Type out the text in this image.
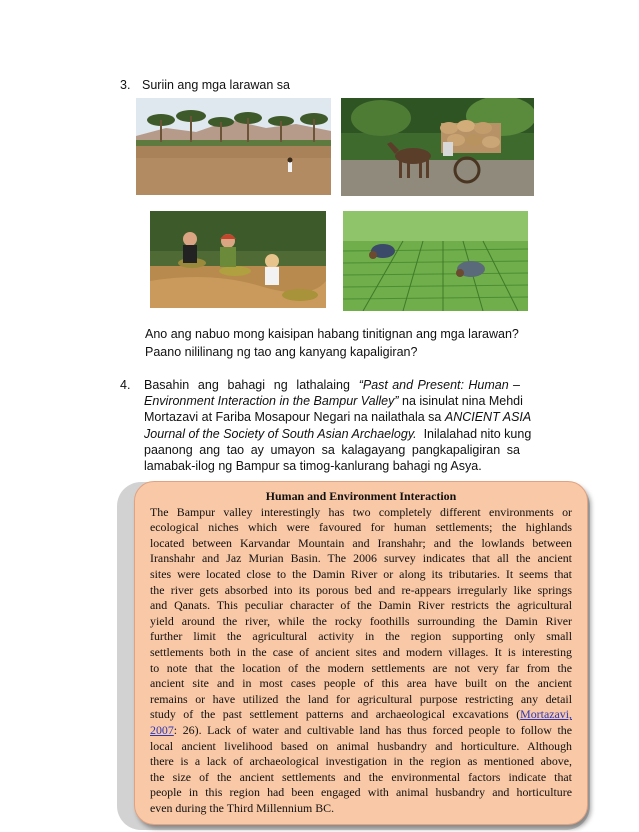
3. Suriin ang mga larawan sa
Ano ang nabuo mong kaisipan habang tinitignan ang mga larawan?
Paano nililinang ng tao ang kanyang kapaligiran?
4.	Basahin  ang  bahagi  ng  lathalaing  “Past and Present: Human –
Environment Interaction in the Bampur Valley” na isinulat nina Mehdi
Mortazavi at Fariba Mosapour Negari na nailathala sa ANCIENT ASIA
Journal of the Society of South Asian Archaelogy.  Inilalahad nito kung
paanong ang tao ay umayon sa kalagayang pangkapaligiran sa
lamabak-ilog ng Bampur sa timog-kanlurang bahagi ng Asya.
Human and Environment Interaction
The Bampur valley interestingly has two completely different environments or
ecological niches which were favoured for human settlements; the highlands
located between Karvandar Mountain and Iranshahr; and the lowlands between
Iranshahr and Jaz Murian Basin. The 2006 survey indicates that all the ancient
sites were located close to the Damin River or along its tributaries. It seems that
the river gets absorbed into its porous bed and re-appears irregularly like springs
and Qanats. This peculiar character of the Damin River restricts the agricultural
yield around the river, while the rocky foothills surrounding the Damin River
further limit the agricultural activity in the region supporting only small
settlements both in the case of ancient sites and modern villages. It is interesting
to note that the location of the modern settlements are not very far from the
ancient site and in most cases people of this area have built on the ancient
remains or have utilized the land for agricultural purpose restricting any detail
study of the past settlement patterns and archaeological excavations (Mortazavi,
2007: 26). Lack of water and cultivable land has thus forced people to follow the
local ancient livelihood based on animal husbandry and horticulture. Although
there is a lack of archaeological investigation in the region as mentioned above,
the size of the ancient settlements and the environmental factors indicate that
people in this region had been engaged with animal husbandry and horticulture
even during the Third Millennium BC.
